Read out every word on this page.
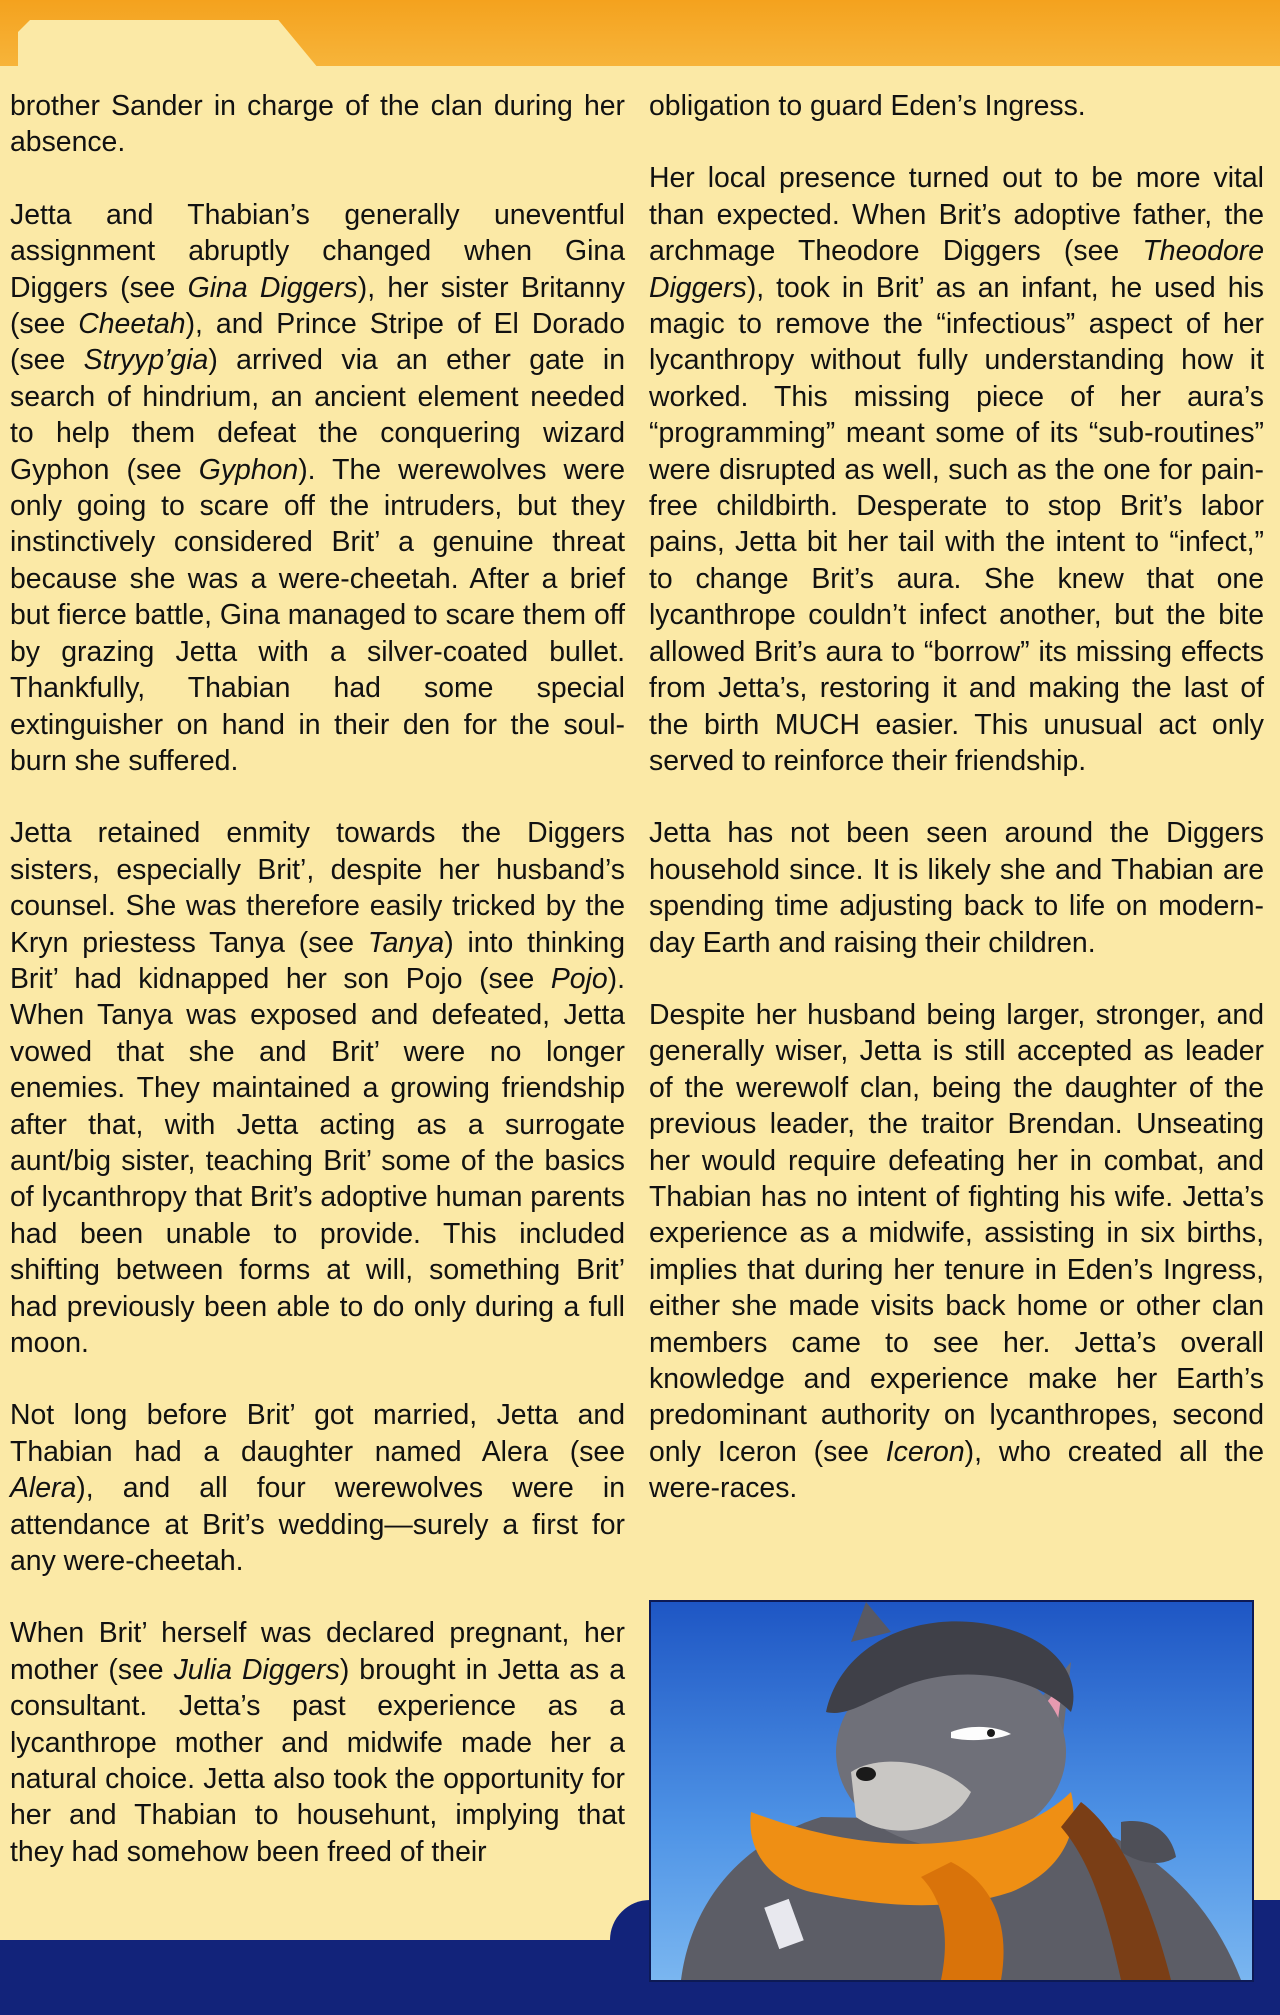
brother Sander in charge of the clan during her absence.

Jetta and Thabian’s generally uneventful assignment abruptly changed when Gina Diggers (see Gina Diggers), her sister Britanny (see Cheetah), and Prince Stripe of El Dorado (see Stryyp’gia) arrived via an ether gate in search of hindrium, an ancient element needed to help them defeat the conquering wizard Gyphon (see Gyphon). The werewolves were only going to scare off the intruders, but they instinctively considered Brit’ a genuine threat because she was a were-cheetah. After a brief but fierce battle, Gina managed to scare them off by grazing Jetta with a silver-coated bullet. Thankfully, Thabian had some special extinguisher on hand in their den for the soul-burn she suffered.

Jetta retained enmity towards the Diggers sisters, especially Brit’, despite her husband’s counsel. She was therefore easily tricked by the Kryn priestess Tanya (see Tanya) into thinking Brit’ had kidnapped her son Pojo (see Pojo). When Tanya was exposed and defeated, Jetta vowed that she and Brit’ were no longer enemies. They maintained a growing friendship after that, with Jetta acting as a surrogate aunt/big sister, teaching Brit’ some of the basics of lycanthropy that Brit’s adoptive human parents had been unable to provide. This included shifting between forms at will, something Brit’ had previously been able to do only during a full moon.

Not long before Brit’ got married, Jetta and Thabian had a daughter named Alera (see Alera), and all four werewolves were in attendance at Brit’s wedding—surely a first for any were-cheetah.

When Brit’ herself was declared pregnant, her mother (see Julia Diggers) brought in Jetta as a consultant. Jetta’s past experience as a lycanthrope mother and midwife made her a natural choice. Jetta also took the opportunity for her and Thabian to househunt, implying that they had somehow been freed of their

obligation to guard Eden’s Ingress.

Her local presence turned out to be more vital than expected. When Brit’s adoptive father, the archmage Theodore Diggers (see Theodore Diggers), took in Brit’ as an infant, he used his magic to remove the “infectious” aspect of her lycanthropy without fully understanding how it worked. This missing piece of her aura’s “programming” meant some of its “sub-routines” were disrupted as well, such as the one for pain-free childbirth. Desperate to stop Brit’s labor pains, Jetta bit her tail with the intent to “infect,” to change Brit’s aura. She knew that one lycanthrope couldn’t infect another, but the bite allowed Brit’s aura to “borrow” its missing effects from Jetta’s, restoring it and making the last of the birth MUCH easier. This unusual act only served to reinforce their friendship.

Jetta has not been seen around the Diggers household since. It is likely she and Thabian are spending time adjusting back to life on modern-day Earth and raising their children.

Despite her husband being larger, stronger, and generally wiser, Jetta is still accepted as leader of the werewolf clan, being the daughter of the previous leader, the traitor Brendan. Unseating her would require defeating her in combat, and Thabian has no intent of fighting his wife. Jetta’s experience as a midwife, assisting in six births, implies that during her tenure in Eden’s Ingress, either she made visits back home or other clan members came to see her. Jetta’s overall knowledge and experience make her Earth’s predominant authority on lycanthropes, second only Iceron (see Iceron), who created all the were-races.
